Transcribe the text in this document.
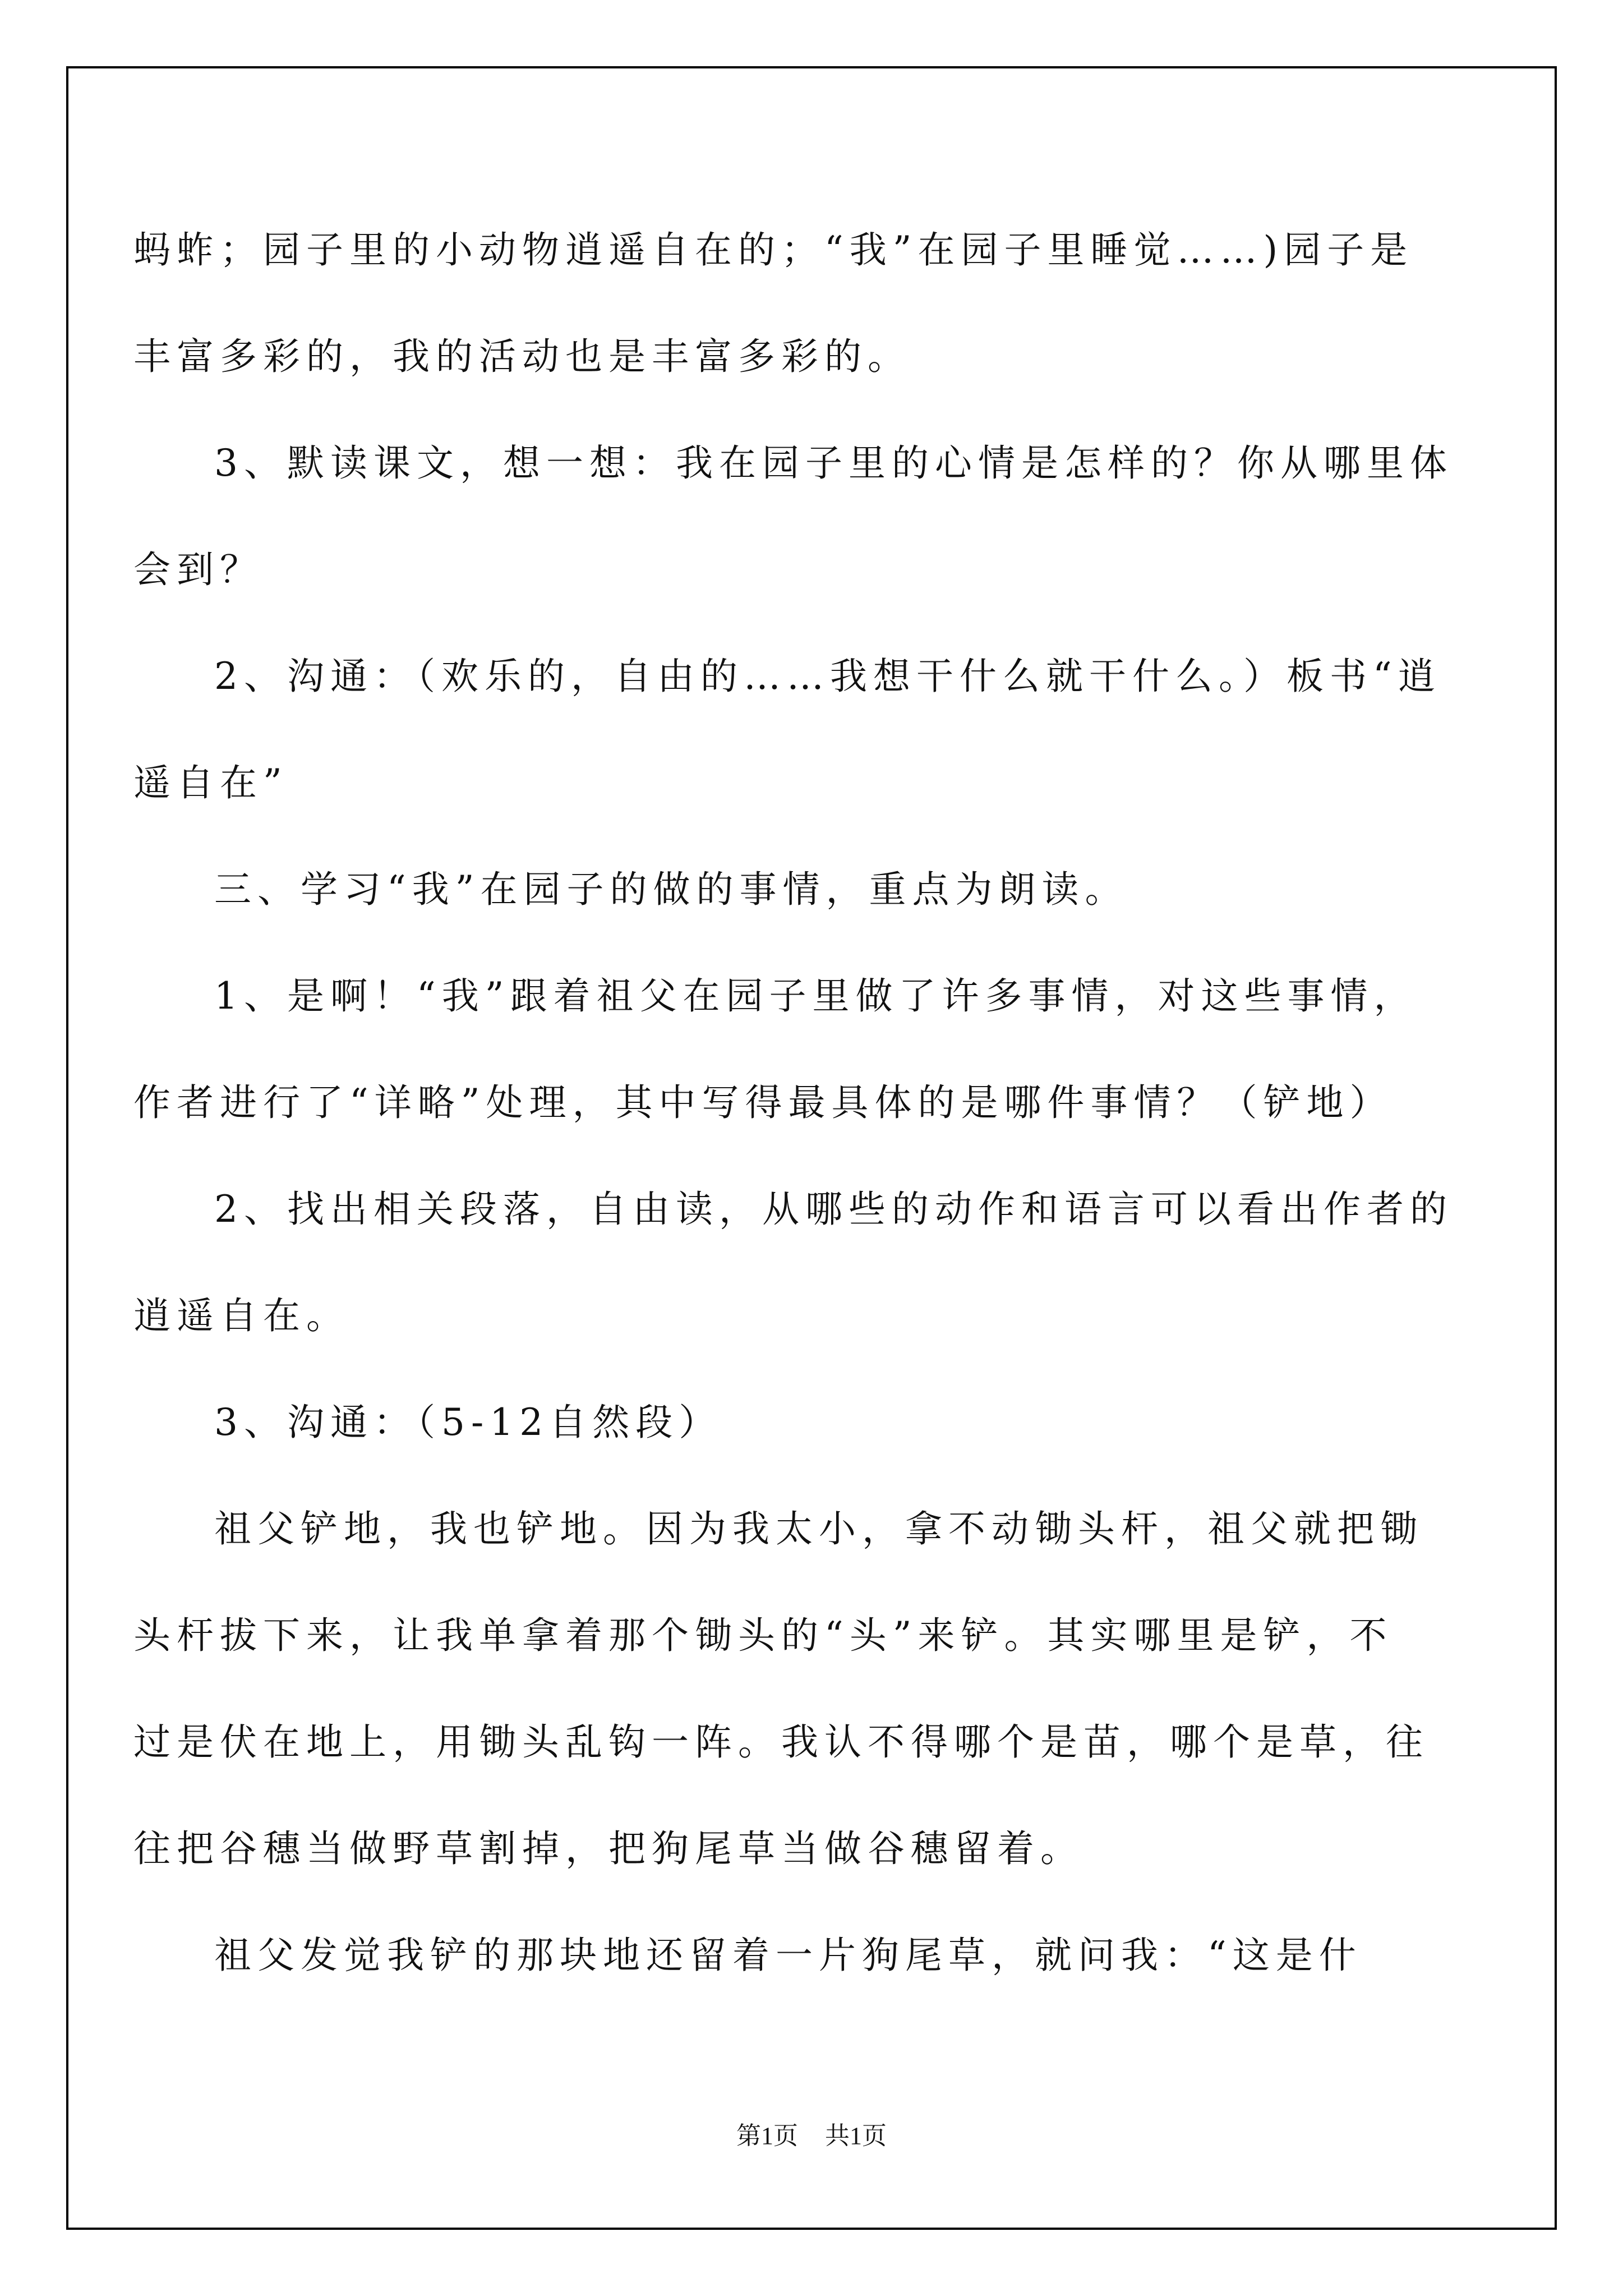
蚂蚱；园子里的小动物逍遥自在的；“我”在园子里睡觉……)园子是
丰富多彩的，我的活动也是丰富多彩的。
3、默读课文，想一想：我在园子里的心情是怎样的？你从哪里体
会到？
2、沟通：（欢乐的，自由的……我想干什么就干什么。）板书“逍
遥自在”
三、学习“我”在园子的做的事情，重点为朗读。
1、是啊！“我”跟着祖父在园子里做了许多事情，对这些事情，
作者进行了“详略”处理，其中写得最具体的是哪件事情？（铲地）
2、找出相关段落，自由读，从哪些的动作和语言可以看出作者的
逍遥自在。
3、沟通：（5-12自然段）
祖父铲地，我也铲地。因为我太小，拿不动锄头杆，祖父就把锄
头杆拔下来，让我单拿着那个锄头的“头”来铲。其实哪里是铲，不
过是伏在地上，用锄头乱钩一阵。我认不得哪个是苗，哪个是草，往
往把谷穗当做野草割掉，把狗尾草当做谷穗留着。
祖父发觉我铲的那块地还留着一片狗尾草，就问我：“这是什
第1页 共1页
